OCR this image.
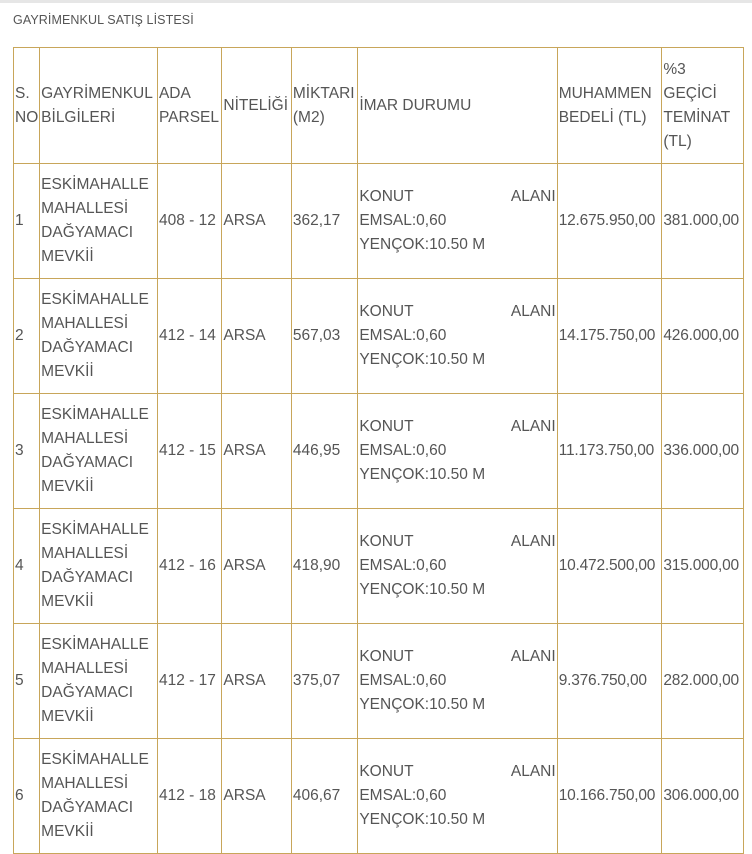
GAYRİMENKUL SATIŞ LİSTESİ
S. NO	GAYRİMENKUL BİLGİLERİ	ADA PARSEL	NİTELİĞİ	MİKTARI (M2)	İMAR DURUMU	MUHAMMEN BEDELİ (TL)	%3 GEÇİCİ TEMİNAT (TL)
1	ESKİMAHALLE MAHALLESİ DAĞYAMACI MEVKİİ	408 - 12	ARSA	362,17	KONUT ALANI
EMSAL:0,60
YENÇOK:10.50 M	12.675.950,00	381.000,00
2	ESKİMAHALLE MAHALLESİ DAĞYAMACI MEVKİİ	412 - 14	ARSA	567,03	KONUT ALANI
EMSAL:0,60
YENÇOK:10.50 M	14.175.750,00	426.000,00
3	ESKİMAHALLE MAHALLESİ DAĞYAMACI MEVKİİ	412 - 15	ARSA	446,95	KONUT ALANI
EMSAL:0,60
YENÇOK:10.50 M	11.173.750,00	336.000,00
4	ESKİMAHALLE MAHALLESİ DAĞYAMACI MEVKİİ	412 - 16	ARSA	418,90	KONUT ALANI
EMSAL:0,60
YENÇOK:10.50 M	10.472.500,00	315.000,00
5	ESKİMAHALLE MAHALLESİ DAĞYAMACI MEVKİİ	412 - 17	ARSA	375,07	KONUT ALANI
EMSAL:0,60
YENÇOK:10.50 M	9.376.750,00	282.000,00
6	ESKİMAHALLE MAHALLESİ DAĞYAMACI MEVKİİ	412 - 18	ARSA	406,67	KONUT ALANI
EMSAL:0,60
YENÇOK:10.50 M	10.166.750,00	306.000,00
